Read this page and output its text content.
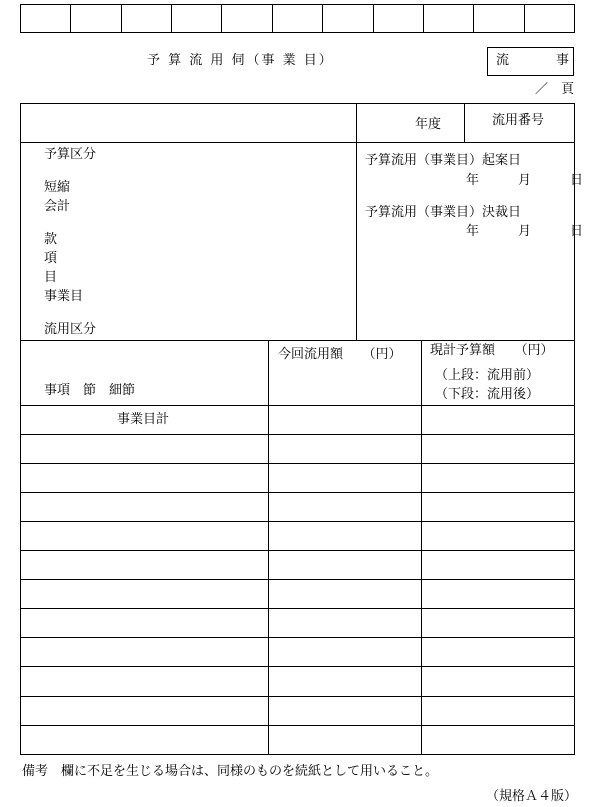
予 算 流 用 伺（事 業 目）	流	事
／　頁
年度	流用番号
予算区分
短縮
会計
款
項
目
事業目
流用区分
予算流用（事業目）起案日
年　　　月　　　日
予算流用（事業目）決裁日
年　　　月　　　日
事項　節　細節
今回流用額　　（円） 現計予算額　　（円）
（上段：流用前）
（下段：流用後）
事業目計
備考　欄に不足を生じる場合は、同様のものを続紙として用いること。
（規格Ａ４版）
